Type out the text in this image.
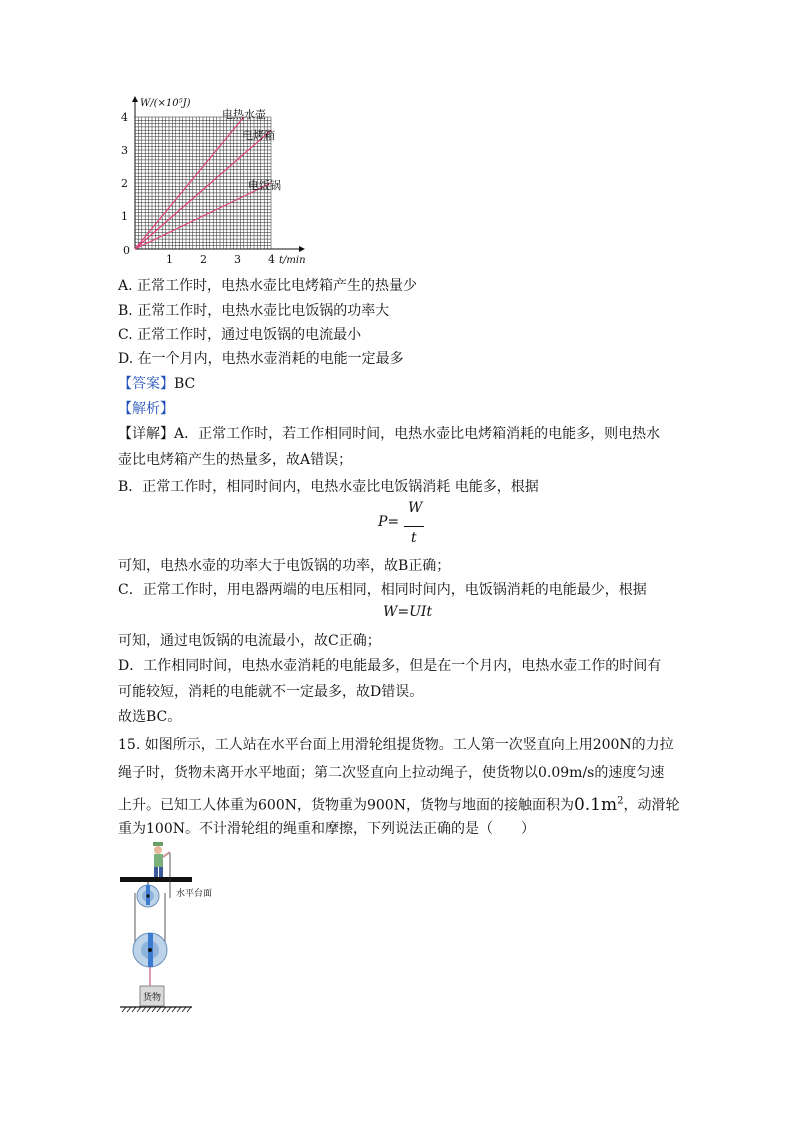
0
1 2 3 4
1
2
3
4
W/(×10⁵J)
t/min
电热水壶
电烤箱
电饭锅
A. 正常工作时，电热水壶比电烤箱产生的热量少
B. 正常工作时，电热水壶比电饭锅的功率大
C. 正常工作时，通过电饭锅的电流最小
D. 在一个月内，电热水壶消耗的电能一定最多
【答案】BC
【解析】
【详解】A．正常工作时，若工作相同时间，电热水壶比电烤箱消耗的电能多，则电热水
壶比电烤箱产生的热量多，故A错误；
B．正常工作时，相同时间内，电热水壶比电饭锅消耗 电能多，根据
P=
W
t
可知，电热水壶的功率大于电饭锅的功率，故B正确；
C．正常工作时，用电器两端的电压相同，相同时间内，电饭锅消耗的电能最少，根据
W=UIt
可知，通过电饭锅的电流最小，故C正确；
D．工作相同时间，电热水壶消耗的电能最多，但是在一个月内，电热水壶工作的时间有
可能较短，消耗的电能就不一定最多，故D错误。
故选BC。
15. 如图所示，工人站在水平台面上用滑轮组提货物。工人第一次竖直向上用200N的力拉
绳子时，货物未离开水平地面；第二次竖直向上拉动绳子，使货物以0.09m/s的速度匀速
上升。已知工人体重为600N，货物重为900N，货物与地面的接触面积为$0.1m^2$，动滑轮
重为100N。不计滑轮组的绳重和摩擦，下列说法正确的是（　　）
水平台面
货物
